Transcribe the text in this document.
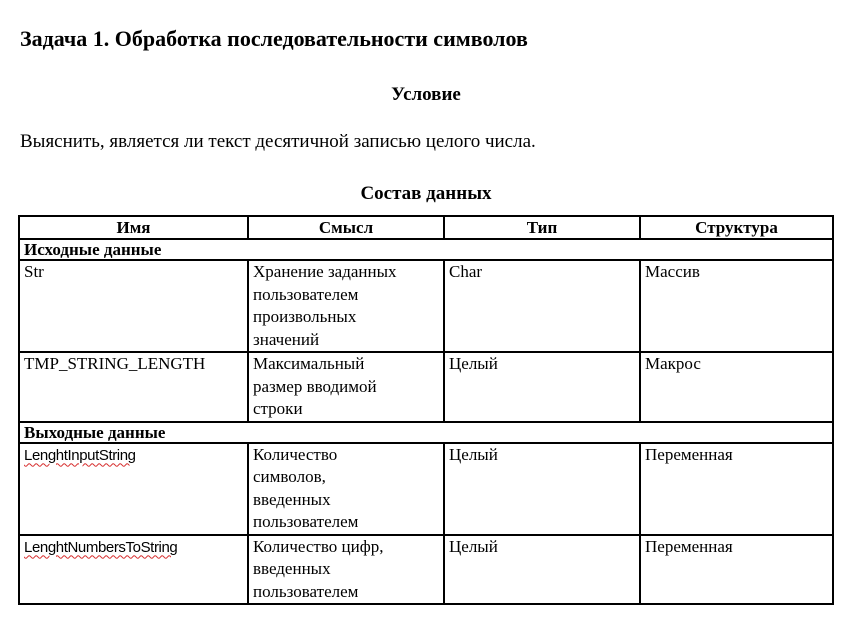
Задача 1. Обработка последовательности символов
Условие

Выяснить, является ли текст десятичной записью целого числа.

Состав данных
Имя	Смысл	Тип	Структура
Исходные данные			
Str	Хранение заданных
пользователем
произвольных
значений	Char	Массив
TMP_STRING_LENGTH	Максимальный
размер вводимой
строки	Целый	Макрос
Выходные данные			
LenghtInputString	Количество
символов,
введенных
пользователем	Целый	Переменная
LenghtNumbersToString	Количество цифр,
введенных
пользователем	Целый	Переменная
